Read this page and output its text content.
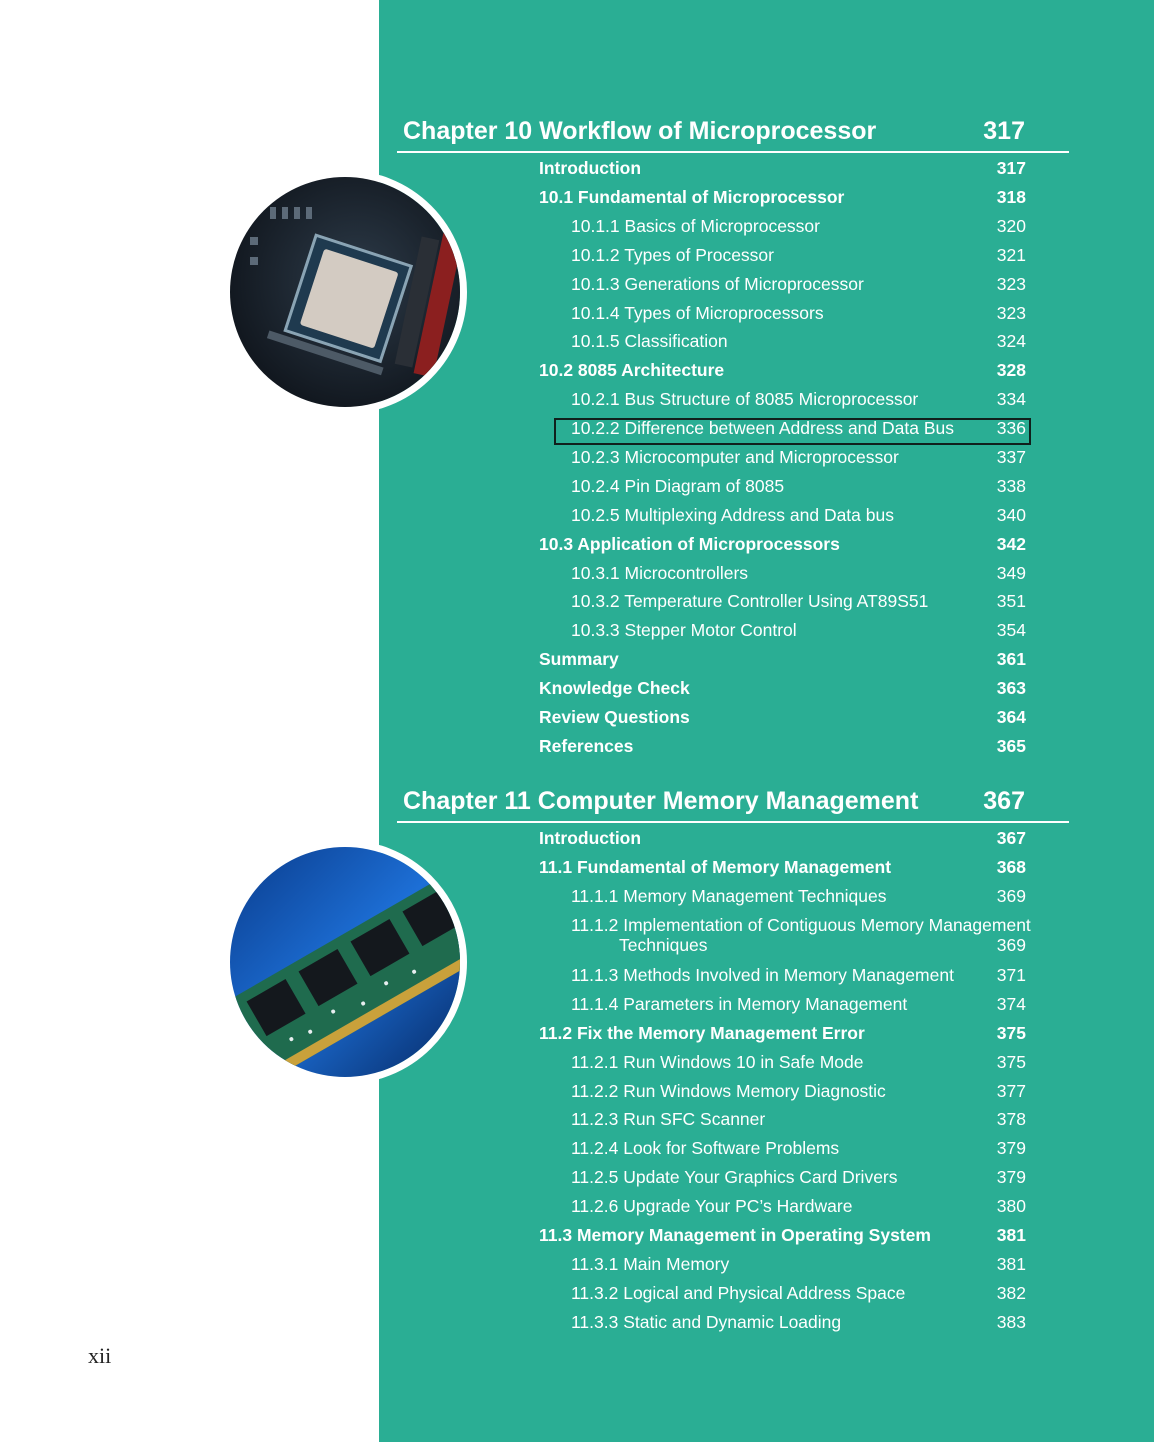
Chapter 10 Workflow of Microprocessor	317
Introduction	317
10.1 Fundamental of Microprocessor	318
10.1.1 Basics of Microprocessor	320
10.1.2 Types of Processor	321
10.1.3 Generations of Microprocessor	323
10.1.4 Types of Microprocessors	323
10.1.5 Classification	324
10.2 8085 Architecture	328
10.2.1 Bus Structure of 8085 Microprocessor	334
10.2.2 Difference between Address and Data Bus 336
10.2.3 Microcomputer and Microprocessor	337
10.2.4 Pin Diagram of 8085	338
10.2.5 Multiplexing Address and Data bus	340
10.3 Application of Microprocessors	342
10.3.1 Microcontrollers	349
10.3.2 Temperature Controller Using AT89S51	351
10.3.3 Stepper Motor Control	354
Summary	361
Knowledge Check	363
Review Questions	364
References	365
Chapter 11 Computer Memory Management	367
Introduction	367
11.1 Fundamental of Memory Management	368
11.1.1 Memory Management Techniques	369
11.1.2 Implementation of Contiguous Memory Management
Techniques	369
11.1.3 Methods Involved in Memory Management 371
11.1.4 Parameters in Memory Management	374
11.2 Fix the Memory Management Error	375
11.2.1 Run Windows 10 in Safe Mode	375
11.2.2 Run Windows Memory Diagnostic	377
11.2.3 Run SFC Scanner	378
11.2.4 Look for Software Problems	379
11.2.5 Update Your Graphics Card Drivers	379
11.2.6 Upgrade Your PC’s Hardware	380
11.3 Memory Management in Operating System	381
11.3.1 Main Memory	381
11.3.2 Logical and Physical Address Space	382
11.3.3 Static and Dynamic Loading	383
xii
